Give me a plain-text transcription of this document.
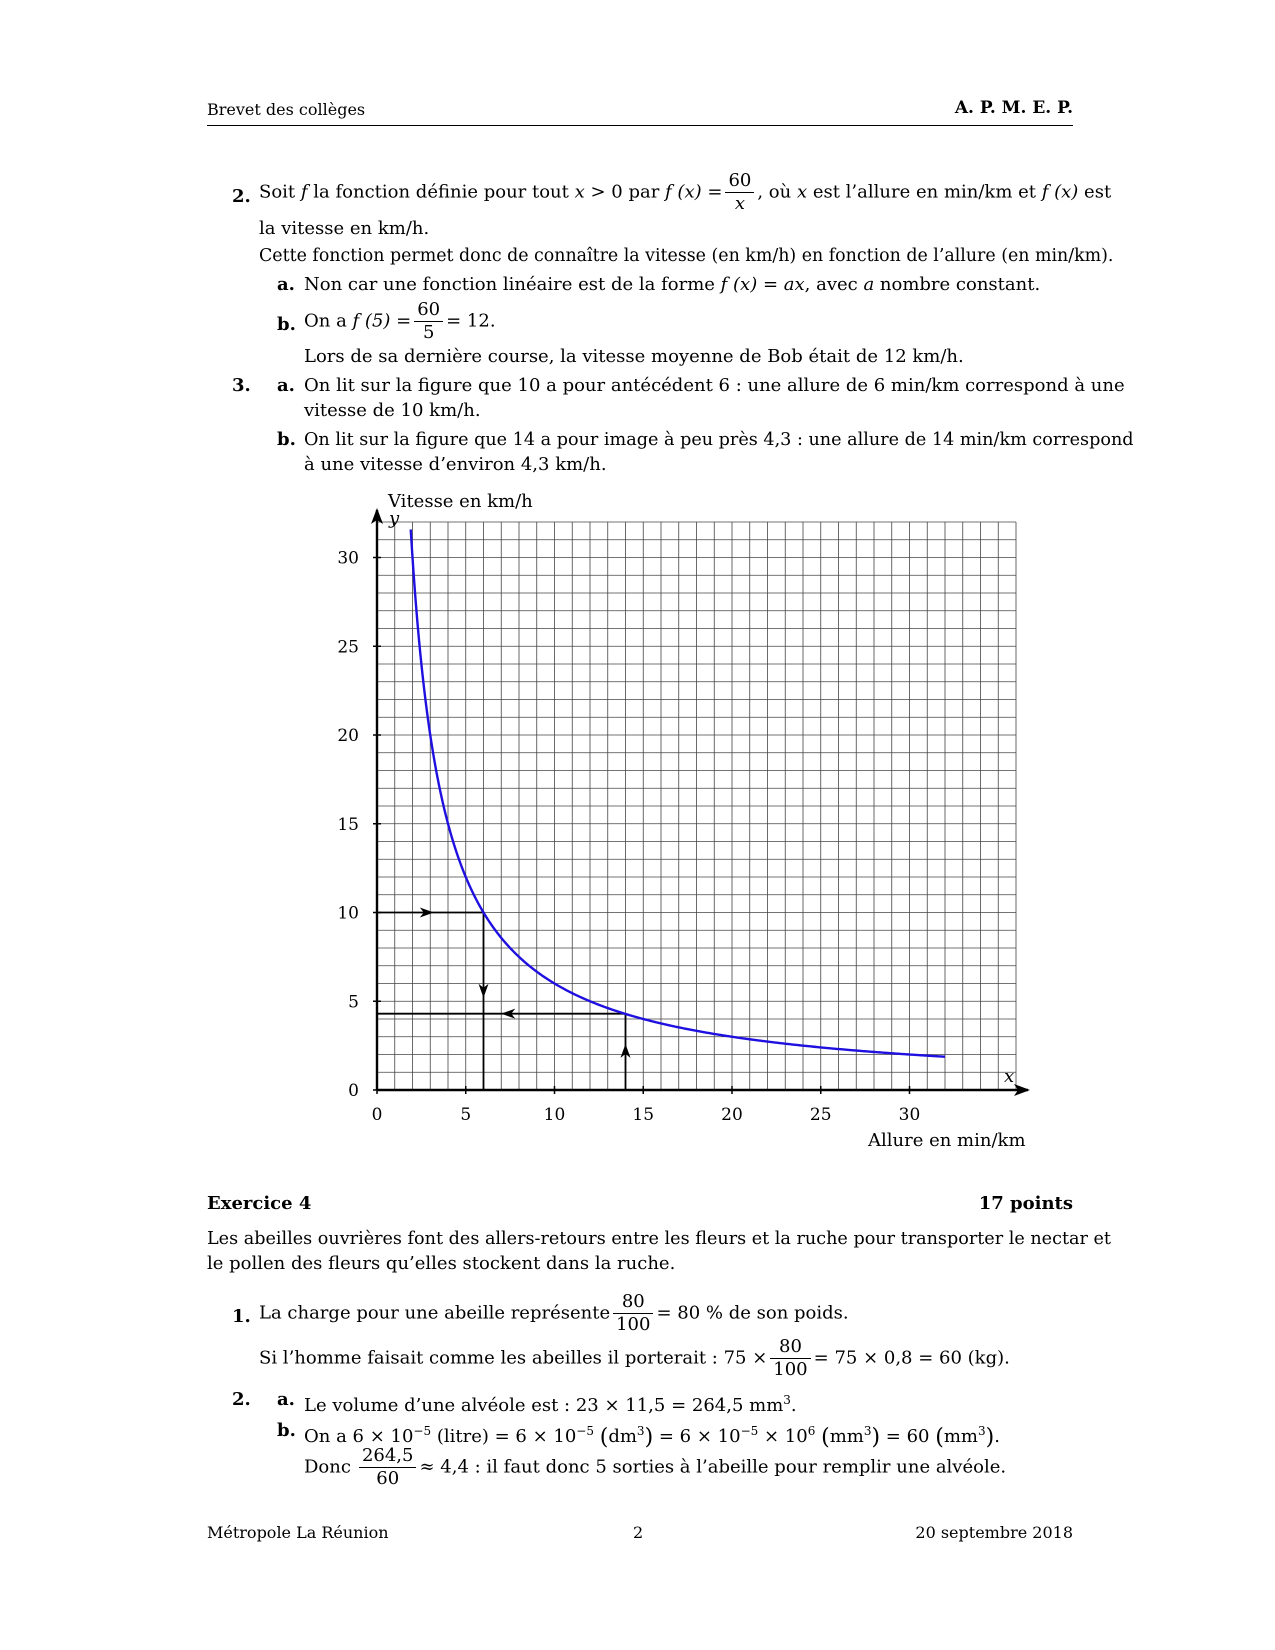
Brevet des collèges	A. P. M. E. P.
2. Soit f la fonction définie pour tout x > 0 par f $(x) = \frac{60}{x}$ , où x est l’allure en min/km et f (x) est
la vitesse en km/h.
Cette fonction permet donc de connaître la vitesse (en km/h) en fonction de l’allure (en min/km).
a. Non car une fonction linéaire est de la forme f (x) = ax, avec a nombre constant.
b. On a f $(5) = \frac{60}{5} = 12$.
Lors de sa dernière course, la vitesse moyenne de Bob était de 12 km/h.
3. a. On lit sur la figure que 10 a pour antécédent 6 : une allure de 6 min/km correspond à une
vitesse de 10 km/h.
b. On lit sur la figure que 14 a pour image à peu près 4,3 : une allure de 14 min/km correspond
à une vitesse d’environ 4,3 km/h.
Vitesse en km/h
Allure en min/km
0	5	10	15	20	25	30
0
5
10
15
20
25
30
x
y
Exercice 4	17 points
Les abeilles ouvrières font des allers-retours entre les fleurs et la ruche pour transporter le nectar et
le pollen des fleurs qu’elles stockent dans la ruche.
1. La charge pour une abeille représente $\frac{80}{100} = 80$ % de son poids.
Si l’homme faisait comme les abeilles il porterait : $75 \times \frac{80}{100} = 75 \times 0,8 = 60$ (kg).
2. a. Le volume d’une alvéole est : 23 × 11,5 = 264,5 $mm^3$.
b. On a $6 \times 10^{-5}$ (litre) = $6 \times 10^{-5}$ $(dm^3) = 6 \times 10^{-5} \times 10^6$ $(mm^3) = 60$ $(mm^3)$.
Donc $\frac{264,5}{60} \approx 4,4$ : il faut donc 5 sorties à l’abeille pour remplir une alvéole.
Métropole La Réunion	2	20 septembre 2018
